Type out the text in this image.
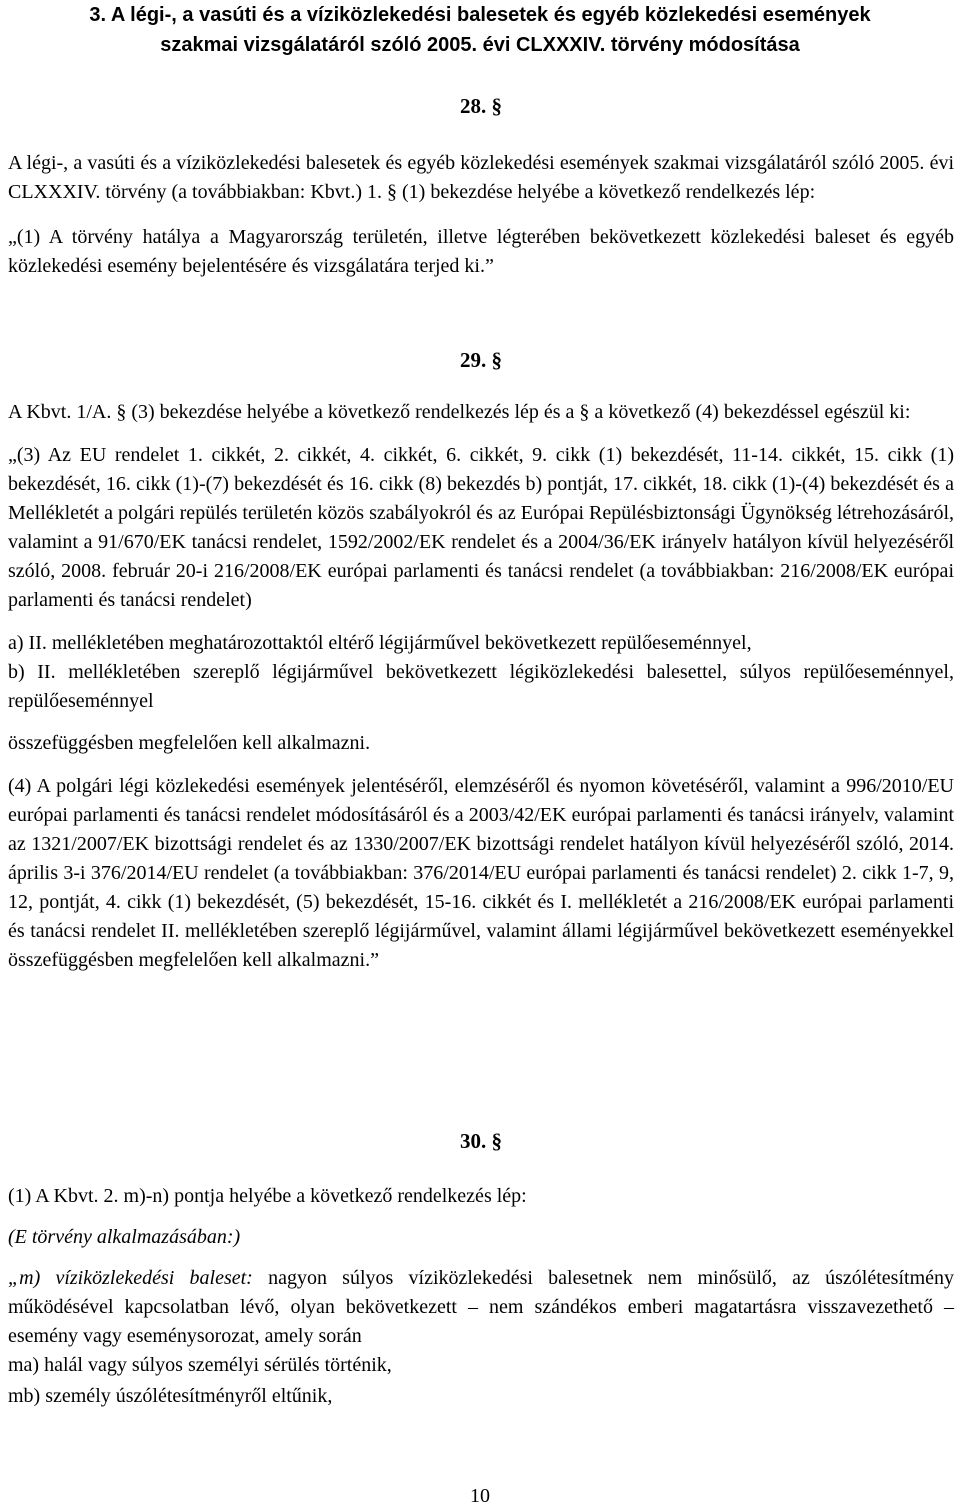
3. A légi-, a vasúti és a víziközlekedési balesetek és egyéb közlekedési események
szakmai vizsgálatáról szóló 2005. évi CLXXXIV. törvény módosítása
28. §

A légi-, a vasúti és a víziközlekedési balesetek és egyéb közlekedési események szakmai vizsgálatáról szóló 2005. évi CLXXXIV. törvény (a továbbiakban: Kbvt.) 1. § (1) bekezdése helyébe a következő rendelkezés lép:

„(1) A törvény hatálya a Magyarország területén, illetve légterében bekövetkezett közlekedési baleset és egyéb közlekedési esemény bejelentésére és vizsgálatára terjed ki.”

29. §

A Kbvt. 1/A. § (3) bekezdése helyébe a következő rendelkezés lép és a § a következő (4) bekezdéssel egészül ki:

„(3) Az EU rendelet 1. cikkét, 2. cikkét, 4. cikkét, 6. cikkét, 9. cikk (1) bekezdését, 11-14. cikkét, 15. cikk (1) bekezdését, 16. cikk (1)-(7) bekezdését és 16. cikk (8) bekezdés b) pontját, 17. cikkét, 18. cikk (1)-(4) bekezdését és a Mellékletét a polgári repülés területén közös szabályokról és az Európai Repülésbiztonsági Ügynökség létrehozásáról, valamint a 91/670/EK tanácsi rendelet, 1592/2002/EK rendelet és a 2004/36/EK irányelv hatályon kívül helyezéséről szóló, 2008. február 20-i 216/2008/EK európai parlamenti és tanácsi rendelet (a továbbiakban: 216/2008/EK európai parlamenti és tanácsi rendelet)

a) II. mellékletében meghatározottaktól eltérő légijárművel bekövetkezett repülőeseménnyel,

b) II. mellékletében szereplő légijárművel bekövetkezett légiközlekedési balesettel, súlyos repülőeseménnyel, repülőeseménnyel

összefüggésben megfelelően kell alkalmazni.

(4) A polgári légi közlekedési események jelentéséről, elemzéséről és nyomon követéséről, valamint a 996/2010/EU európai parlamenti és tanácsi rendelet módosításáról és a 2003/42/EK európai parlamenti és tanácsi irányelv, valamint az 1321/2007/EK bizottsági rendelet és az 1330/2007/EK bizottsági rendelet hatályon kívül helyezéséről szóló, 2014. április 3-i 376/2014/EU rendelet (a továbbiakban: 376/2014/EU európai parlamenti és tanácsi rendelet) 2. cikk 1-7, 9, 12, pontját, 4. cikk (1) bekezdését, (5) bekezdését, 15-16. cikkét és I. mellékletét a 216/2008/EK európai parlamenti és tanácsi rendelet II. mellékletében szereplő légijárművel, valamint állami légijárművel bekövetkezett eseményekkel összefüggésben megfelelően kell alkalmazni.”

30. §

(1) A Kbvt. 2. m)-n) pontja helyébe a következő rendelkezés lép:

(E törvény alkalmazásában:)

„m) víziközlekedési baleset: nagyon súlyos víziközlekedési balesetnek nem minősülő, az úszólétesítmény működésével kapcsolatban lévő, olyan bekövetkezett – nem szándékos emberi magatartásra visszavezethető – esemény vagy eseménysorozat, amely során

ma) halál vagy súlyos személyi sérülés történik,

mb) személy úszólétesítményről eltűnik,

10
